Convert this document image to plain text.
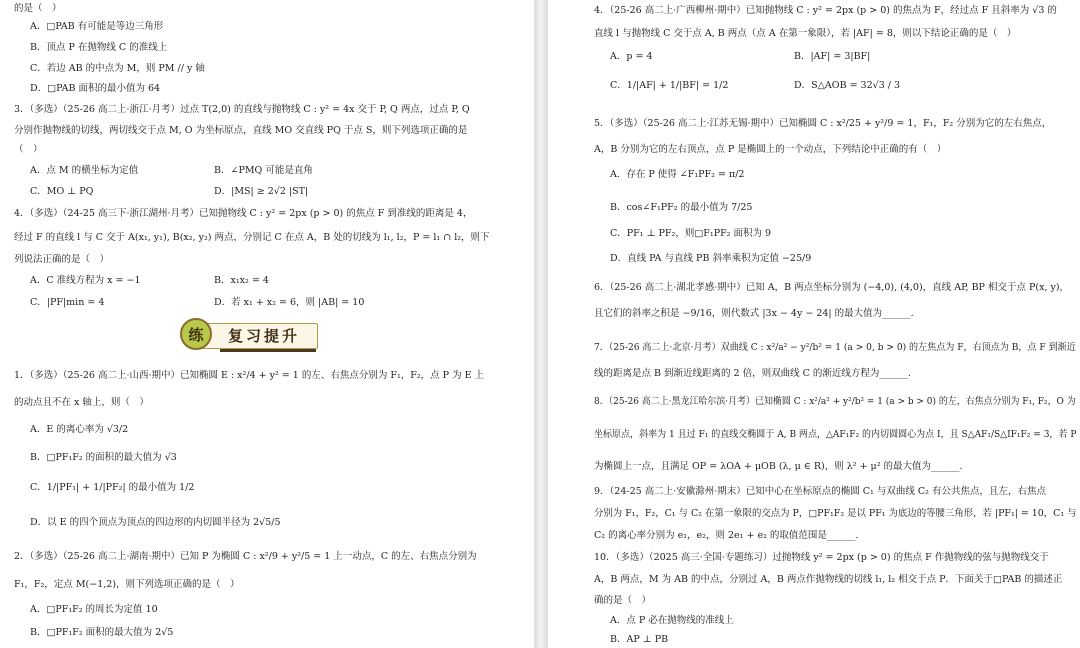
的是（　）
A．□PAB 有可能是等边三角形
B．顶点 P 在抛物线 C 的准线上
C．若边 AB 的中点为 M，则 PM // y 轴
D．□PAB 面积的最小值为 64
3．（多选）（25-26 高二上·浙江·月考）过点 T(2,0) 的直线与抛物线 C : y² = 4x 交于 P, Q 两点，过点 P, Q
分别作抛物线的切线，两切线交于点 M, O 为坐标原点，直线 MO 交直线 PQ 于点 S，则下列选项正确的是
（　）
A．点 M 的横坐标为定值	B．∠PMQ 可能是直角
C．MO ⊥ PQ	D．|MS| ≥ 2√2 |ST|
4．（多选）（24-25 高三下·浙江湖州·月考）已知抛物线 C : y² = 2px (p > 0) 的焦点 F 到准线的距离是 4，
经过 F 的直线 l 与 C 交于 A(x₁, y₁), B(x₂, y₂) 两点，分别记 C 在点 A，B 处的切线为 l₁, l₂，P = l₁ ∩ l₂，则下
列说法正确的是（　）
A．C 准线方程为 x = −1	B．x₁x₂ = 4
C．|PF|min = 4	D．若 x₁ + x₂ = 6，则 |AB| = 10
1．（多选）（25-26 高二上·山西·期中）已知椭圆 E : x²/4 + y² = 1 的左、右焦点分别为 F₁，F₂，点 P 为 E 上
的动点且不在 x 轴上，则（　）
A．E 的离心率为 √3/2
B．□PF₁F₂ 的面积的最大值为 √3
C．1/|PF₁| + 1/|PF₂| 的最小值为 1/2
D．以 E 的四个顶点为顶点的四边形的内切圆半径为 2√5/5
2．（多选）（25-26 高二上·湖南·期中）已知 P 为椭圆 C : x²/9 + y²/5 = 1 上一动点，C 的左、右焦点分别为
F₁，F₂，定点 M(−1,2)，则下列选项正确的是（　）
A．□PF₁F₂ 的周长为定值 10
B．□PF₁F₂ 面积的最大值为 2√5
4．（25-26 高二上·广西柳州·期中）已知抛物线 C : y² = 2px (p > 0) 的焦点为 F，经过点 F 且斜率为 √3 的
直线 l 与抛物线 C 交于点 A, B 两点（点 A 在第一象限），若 |AF| = 8，则以下结论正确的是（　）
A．p = 4	B．|AF| = 3|BF|
C．1/|AF| + 1/|BF| = 1/2	D．S△AOB = 32√3 / 3
5．（多选）（25-26 高二上·江苏无锡·期中）已知椭圆 C : x²/25 + y²/9 = 1，F₁，F₂ 分别为它的左右焦点，
A，B 分别为它的左右顶点，点 P 是椭圆上的一个动点，下列结论中正确的有（　）
A．存在 P 使得 ∠F₁PF₂ = π/2
B．cos∠F₁PF₂ 的最小值为 7/25
C．PF₁ ⊥ PF₂，则□F₁PF₂ 面积为 9
D．直线 PA 与直线 PB 斜率乘积为定值 −25/9
6．（25-26 高二上·湖北孝感·期中）已知 A，B 两点坐标分别为 (−4,0), (4,0)，直线 AP, BP 相交于点 P(x, y)，
且它们的斜率之积是 −9/16，则代数式 |3x − 4y − 24| 的最大值为______.
7．（25-26 高二上·北京·月考）双曲线 C : x²/a² − y²/b² = 1 (a > 0, b > 0) 的左焦点为 F，右顶点为 B，点 F 到渐近
线的距离是点 B 到渐近线距离的 2 倍，则双曲线 C 的渐近线方程为______.
8．（25-26 高二上·黑龙江哈尔滨·月考）已知椭圆 C : x²/a² + y²/b² = 1 (a > b > 0) 的左，右焦点分别为 F₁, F₂，O 为
坐标原点，斜率为 1 且过 F₁ 的直线交椭圆于 A, B 两点，△AF₁F₂ 的内切圆圆心为点 I，且 S△AF₁/S△IF₁F₂ = 3，若 P
为椭圆上一点，且满足 OP = λOA + μOB (λ, μ ∈ R)，则 λ² + μ² 的最大值为______.
9．（24-25 高二上·安徽滁州·期末）已知中心在坐标原点的椭圆 C₁ 与双曲线 C₂ 有公共焦点，且左，右焦点
分别为 F₁，F₂，C₁ 与 C₂ 在第一象限的交点为 P，□PF₁F₂ 是以 PF₁ 为底边的等腰三角形，若 |PF₁| = 10，C₁ 与
C₂ 的离心率分别为 e₁，e₂，则 2e₁ + e₂ 的取值范围是______.
10．（多选）（2025 高三·全国·专题练习）过抛物线 y² = 2px (p > 0) 的焦点 F 作抛物线的弦与抛物线交于
A，B 两点，M 为 AB 的中点，分别过 A，B 两点作抛物线的切线 l₁, l₂ 相交于点 P．下面关于□PAB 的描述正
确的是（　）
A．点 P 必在抛物线的准线上
B．AP ⊥ PB
练	复习提升
